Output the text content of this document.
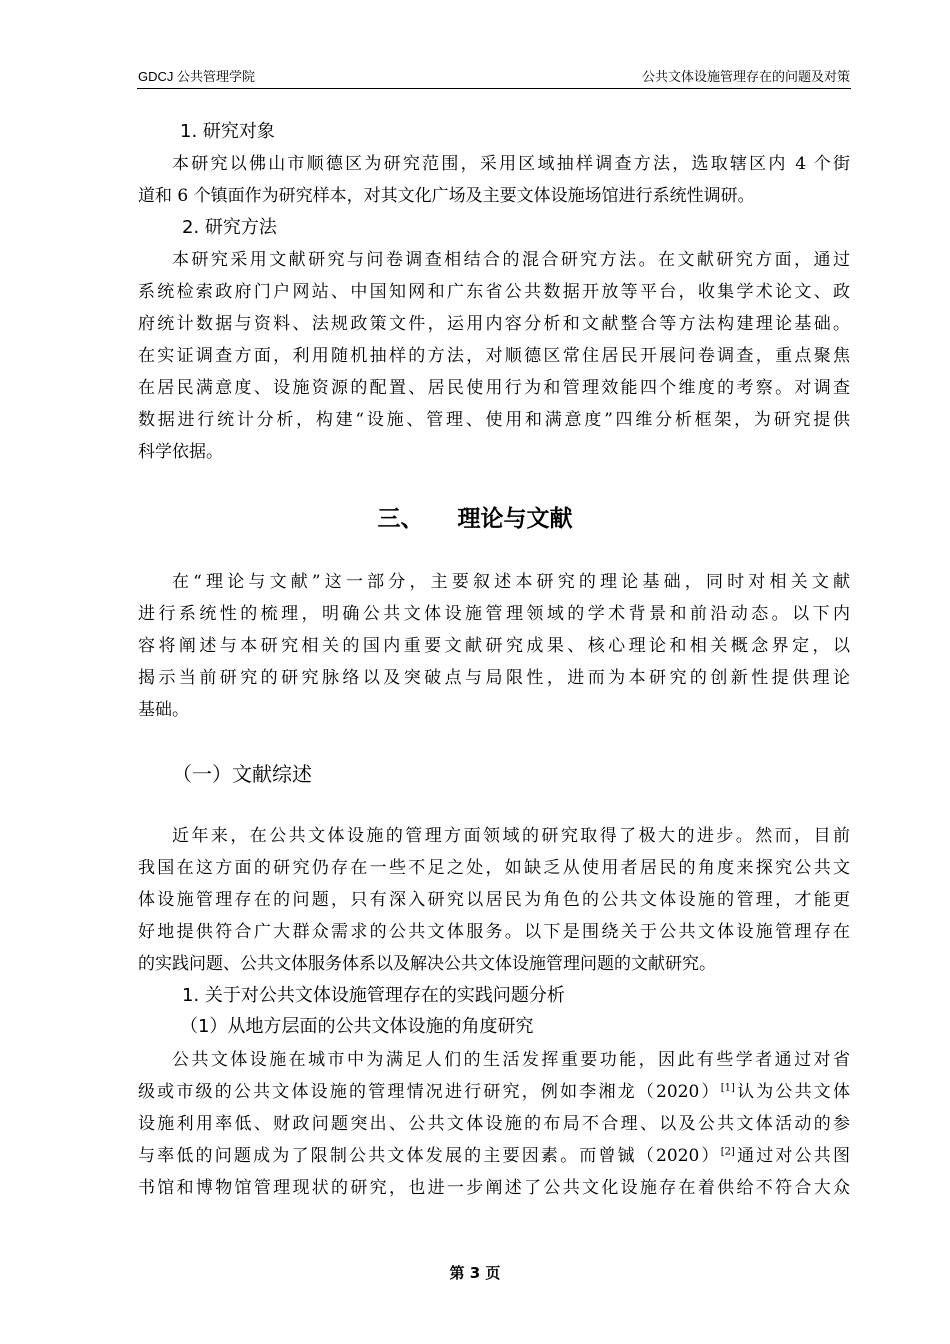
GDCJ 公共管理学院	公共文体设施管理存在的问题及对策
1. 研究对象
本研究以佛山市顺德区为研究范围，采用区域抽样调查方法，选取辖区内 4 个街
道和 6 个镇面作为研究样本，对其文化广场及主要文体设施场馆进行系统性调研。
2. 研究方法
本研究采用文献研究与问卷调查相结合的混合研究方法。在文献研究方面，通过
系统检索政府门户网站、中国知网和广东省公共数据开放等平台，收集学术论文、政
府统计数据与资料、法规政策文件，运用内容分析和文献整合等方法构建理论基础。
在实证调查方面，利用随机抽样的方法，对顺德区常住居民开展问卷调查，重点聚焦
在居民满意度、设施资源的配置、居民使用行为和管理效能四个维度的考察。对调查
数据进行统计分析，构建“设施、管理、使用和满意度”四维分析框架，为研究提供
科学依据。
三、 理论与文献
在“理论与文献”这一部分，主要叙述本研究的理论基础，同时对相关文献
进行系统性的梳理，明确公共文体设施管理领域的学术背景和前沿动态。以下内
容将阐述与本研究相关的国内重要文献研究成果、核心理论和相关概念界定，以
揭示当前研究的研究脉络以及突破点与局限性，进而为本研究的创新性提供理论
基础。
（一）文献综述
近年来，在公共文体设施的管理方面领域的研究取得了极大的进步。然而，目前
我国在这方面的研究仍存在一些不足之处，如缺乏从使用者居民的角度来探究公共文
体设施管理存在的问题，只有深入研究以居民为角色的公共文体设施的管理，才能更
好地提供符合广大群众需求的公共文体服务。以下是围绕关于公共文体设施管理存在
的实践问题、公共文体服务体系以及解决公共文体设施管理问题的文献研究。
1. 关于对公共文体设施管理存在的实践问题分析
（1）从地方层面的公共文体设施的角度研究
公共文体设施在城市中为满足人们的生活发挥重要功能，因此有些学者通过对省
级或市级的公共文体设施的管理情况进行研究，例如李湘龙（2020）[1]认为公共文体
设施利用率低、财政问题突出、公共文体设施的布局不合理、以及公共文体活动的参
与率低的问题成为了限制公共文体发展的主要因素。而曾铖（2020）[2]通过对公共图
书馆和博物馆管理现状的研究，也进一步阐述了公共文化设施存在着供给不符合大众
第 3 页
